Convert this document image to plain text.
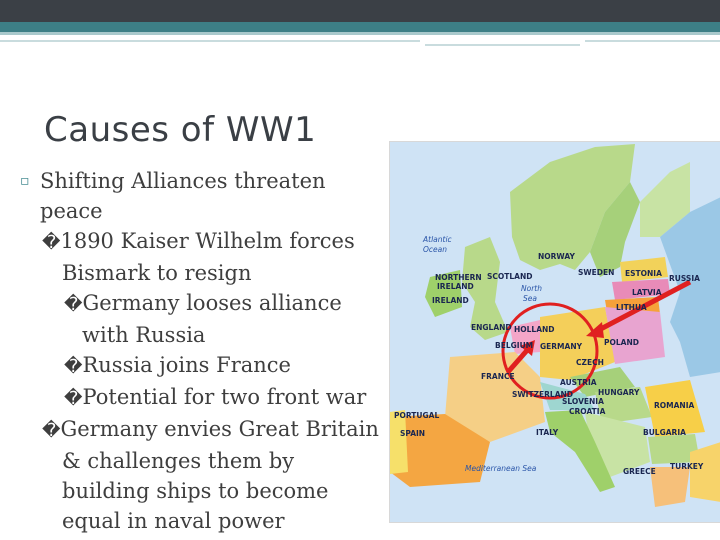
Causes of WW1
▫ Shifting Alliances threaten
peace
�1890 Kaiser Wilhelm forces
Bismark to resign
�Germany looses alliance
with Russia
�Russia joins France
�Potential for two front war
�Germany envies Great Britain
& challenges them by
building ships to become
equal in naval power
Atlantic
Ocean
NORWAY
SWEDEN ESTONIA
RUSSIA
LATVIA
LITHUA
SCOTLAND
NORTHERN
IRELAND
IRELAND
North
Sea
ENGLAND HOLLAND
BELGIUM GERMANY	POLAND
CZECH
FRANCE
AUSTRIA
SWITZERLAND	HUNGARY
SLOVENIA
CROATIA
ROMANIA
PORTUGAL
SPAIN	ITALY	BULGARIA
Mediterranean Sea	GREECE
TURKEY
